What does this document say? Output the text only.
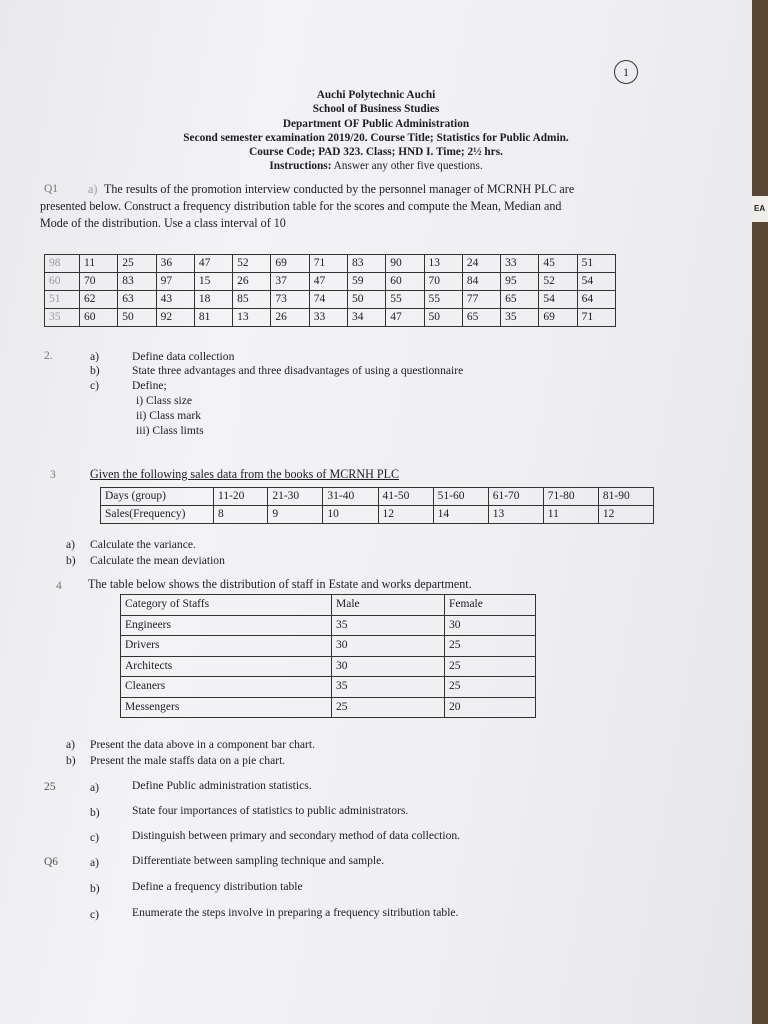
1
Auchi Polytechnic Auchi
School of Business Studies
Department OF Public Administration
Second semester examination 2019/20. Course Title; Statistics for Public Admin.
Course Code; PAD 323. Class; HND I. Time; 2½ hrs.
Instructions: Answer any other five questions.
Q1 a) The results of the promotion interview conducted by the personnel manager of MCRNH PLC are
presented below. Construct a frequency distribution table for the scores and compute the Mean, Median and
Mode of the distribution. Use a class interval of 10
98	11	25	36	47	52	69	71	83	90	13	24	33	45	51
60	70	83	97	15	26	37	47	59	60	70	84	95	52	54
51	62	63	43	18	85	73	74	50	55	55	77	65	54	64
35	60	50	92	81	13	26	33	34	47	50	65	35	69	71
2.	a)	Define data collection
b)	State three advantages and three disadvantages of using a questionnaire
c)	Define;
i) Class size
ii) Class mark
iii) Class limts
3	Given the following sales data from the books of MCRNH PLC
Days (group)	11-20	21-30	31-40	41-50	51-60	61-70	71-80	81-90
Sales(Frequency)	8	9	10	12	14	13	11	12
a) Calculate the variance.
b) Calculate the mean deviation
4 The table below shows the distribution of staff in Estate and works department.
Category of Staffs	Male	Female
Engineers	35	30
Drivers	30	25
Architects	30	25
Cleaners	35	25
Messengers	25	20
a) Present the data above in a component bar chart.
b) Present the male staffs data on a pie chart.
25	a)	Define Public administration statistics.
b)	State four importances of statistics to public administrators.
c)	Distinguish between primary and secondary method of data collection.
Q6	a)	Differentiate between sampling technique and sample.
b)	Define a frequency distribution table
c)	Enumerate the steps involve in preparing a frequency sitribution table.
EA
